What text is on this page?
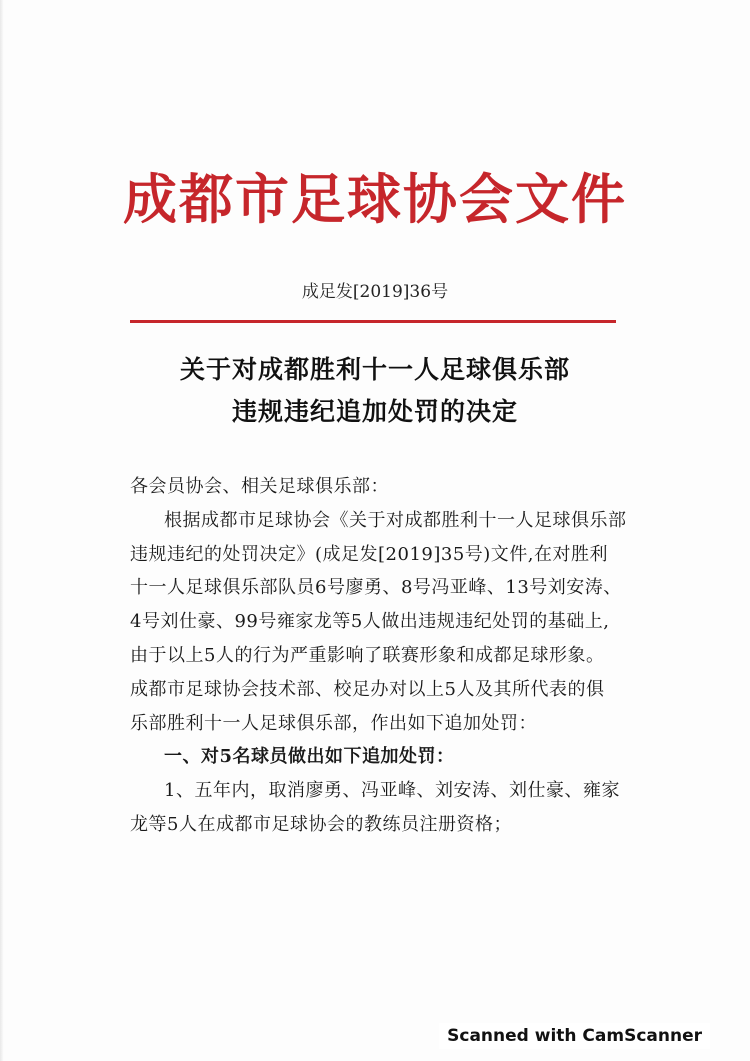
成都市足球协会文件
成足发[2019]36号
关于对成都胜利十一人足球俱乐部
违规违纪追加处罚的决定
各会员协会、相关足球俱乐部：

根据成都市足球协会《关于对成都胜利十一人足球俱乐部
违规违纪的处罚决定》(成足发[2019]35号)文件,在对胜利
十一人足球俱乐部队员6号廖勇、8号冯亚峰、13号刘安涛、
4号刘仕豪、99号雍家龙等5人做出违规违纪处罚的基础上,
由于以上5人的行为严重影响了联赛形象和成都足球形象。
成都市足球协会技术部、校足办对以上5人及其所代表的俱
乐部胜利十一人足球俱乐部，作出如下追加处罚：

一、对5名球员做出如下追加处罚：

1、五年内，取消廖勇、冯亚峰、刘安涛、刘仕豪、雍家
龙等5人在成都市足球协会的教练员注册资格；

Scanned with CamScanner
